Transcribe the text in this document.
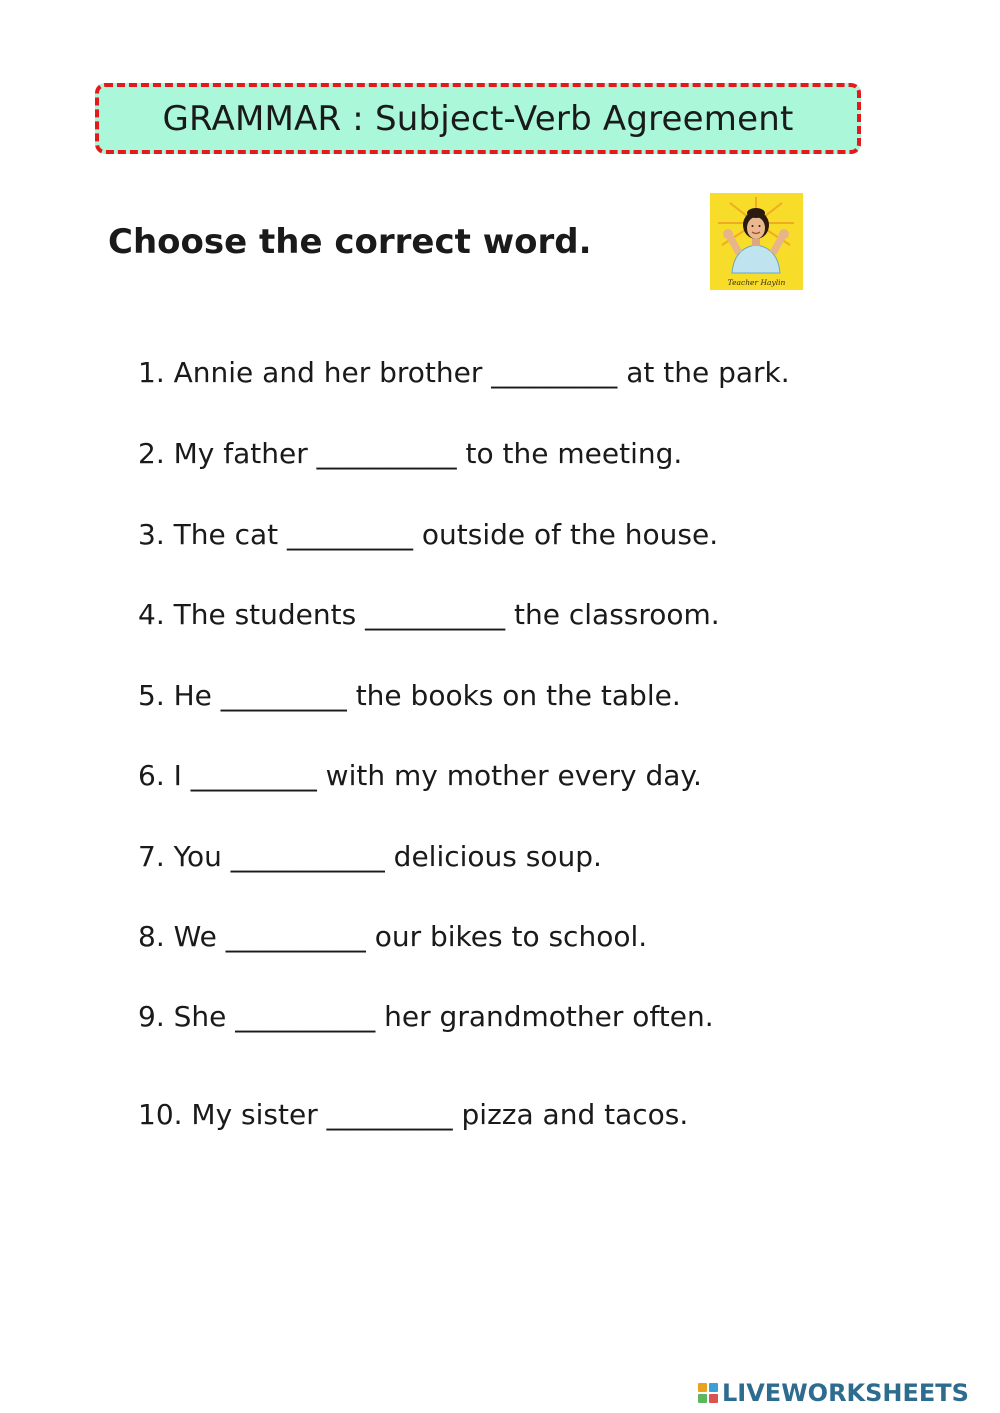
GRAMMAR : Subject-Verb Agreement
Choose the correct word.
Teacher Haylin
1. Annie and her brother _________ at the park.
2. My father __________ to the meeting.
3. The cat _________ outside of the house.
4. The students __________ the classroom.
5. He _________ the books on the table.
6. I _________ with my mother every day.
7. You ___________ delicious soup.
8. We __________ our bikes to school.
9. She __________ her grandmother often.
10. My sister _________ pizza and tacos.
LIVEWORKSHEETS
